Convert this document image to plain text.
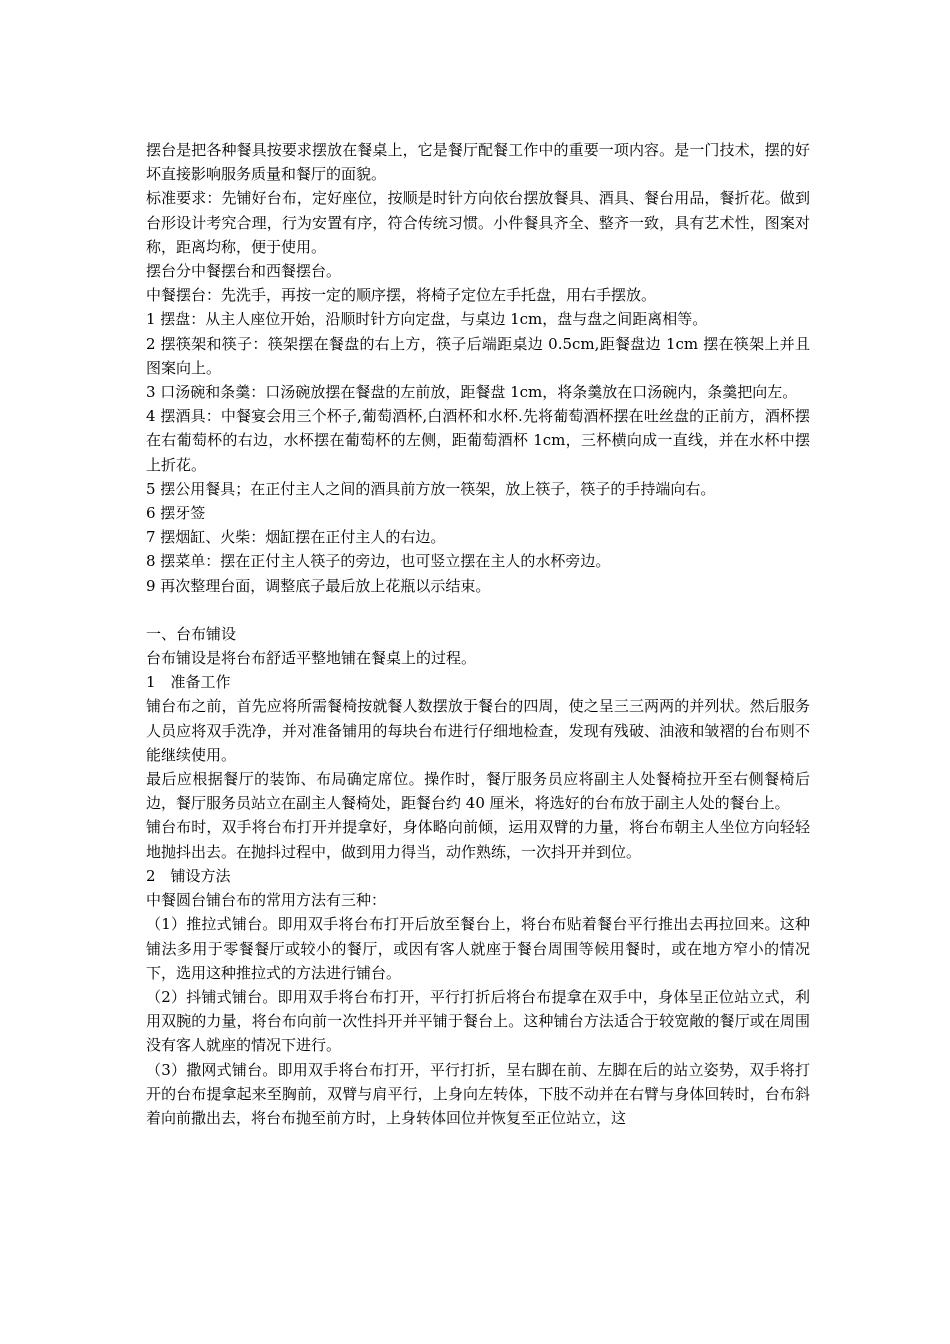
摆台是把各种餐具按要求摆放在餐桌上，它是餐厅配餐工作中的重要一项内容。是一门技术，摆的好坏直接影响服务质量和餐厅的面貌。

标准要求：先铺好台布，定好座位，按顺是时针方向依台摆放餐具、酒具、餐台用品，餐折花。做到 台形设计考究合理，行为安置有序，符合传统习惯。小件餐具齐全、整齐一致，具有艺术性，图案对称，距离均称，便于使用。

摆台分中餐摆台和西餐摆台。

中餐摆台：先洗手，再按一定的顺序摆，将椅子定位左手托盘，用右手摆放。

1 摆盘：从主人座位开始，沿顺时针方向定盘，与桌边 1cm，盘与盘之间距离相等。

2 摆筷架和筷子：筷架摆在餐盘的右上方，筷子后端距桌边 0.5cm,距餐盘边 1cm 摆在筷架上并且图案向上。

3 口汤碗和条羹：口汤碗放摆在餐盘的左前放，距餐盘 1cm，将条羹放在口汤碗内，条羹把向左。

4 摆酒具：中餐宴会用三个杯子,葡萄酒杯,白酒杯和水杯.先将葡萄酒杯摆在吐丝盘的正前方，酒杯摆在右葡萄杯的右边，水杯摆在葡萄杯的左侧，距葡萄酒杯 1cm，三杯横向成一直线，并在水杯中摆上折花。

5 摆公用餐具；在正付主人之间的酒具前方放一筷架，放上筷子，筷子的手持端向右。

6 摆牙签

7 摆烟缸、火柴：烟缸摆在正付主人的右边。

8 摆菜单：摆在正付主人筷子的旁边，也可竖立摆在主人的水杯旁边。

9 再次整理台面，调整底子最后放上花瓶以示结束。

一、台布铺设

台布铺设是将台布舒适平整地铺在餐桌上的过程。

1　准备工作

铺台布之前，首先应将所需餐椅按就餐人数摆放于餐台的四周，使之呈三三两两的并列状。然后服务人员应将双手洗净，并对准备铺用的每块台布进行仔细地检查，发现有残破、油液和皱褶的台布则不能继续使用。

最后应根据餐厅的装饰、布局确定席位。操作时，餐厅服务员应将副主人处餐椅拉开至右侧餐椅后边，餐厅服务员站立在副主人餐椅处，距餐台约 40 厘米，将选好的台布放于副主人处的餐台上。

铺台布时，双手将台布打开并提拿好，身体略向前倾，运用双臂的力量，将台布朝主人坐位方向轻轻地抛抖出去。在抛抖过程中，做到用力得当，动作熟练，一次抖开并到位。

2　铺设方法

中餐圆台铺台布的常用方法有三种：

（1）推拉式铺台。即用双手将台布打开后放至餐台上，将台布贴着餐台平行推出去再拉回来。这种铺法多用于零餐餐厅或较小的餐厅，或因有客人就座于餐台周围等候用餐时，或在地方窄小的情况下，选用这种推拉式的方法进行铺台。

（2）抖铺式铺台。即用双手将台布打开，平行打折后将台布提拿在双手中，身体呈正位站立式，利用双腕的力量，将台布向前一次性抖开并平铺于餐台上。这种铺台方法适合于较宽敞的餐厅或在周围没有客人就座的情况下进行。

（3）撒网式铺台。即用双手将台布打开，平行打折，呈右脚在前、左脚在后的站立姿势，双手将打开的台布提拿起来至胸前，双臂与肩平行，上身向左转体，下肢不动并在右臂与身体回转时，台布斜着向前撒出去，将台布抛至前方时，上身转体回位并恢复至正位站立，这
